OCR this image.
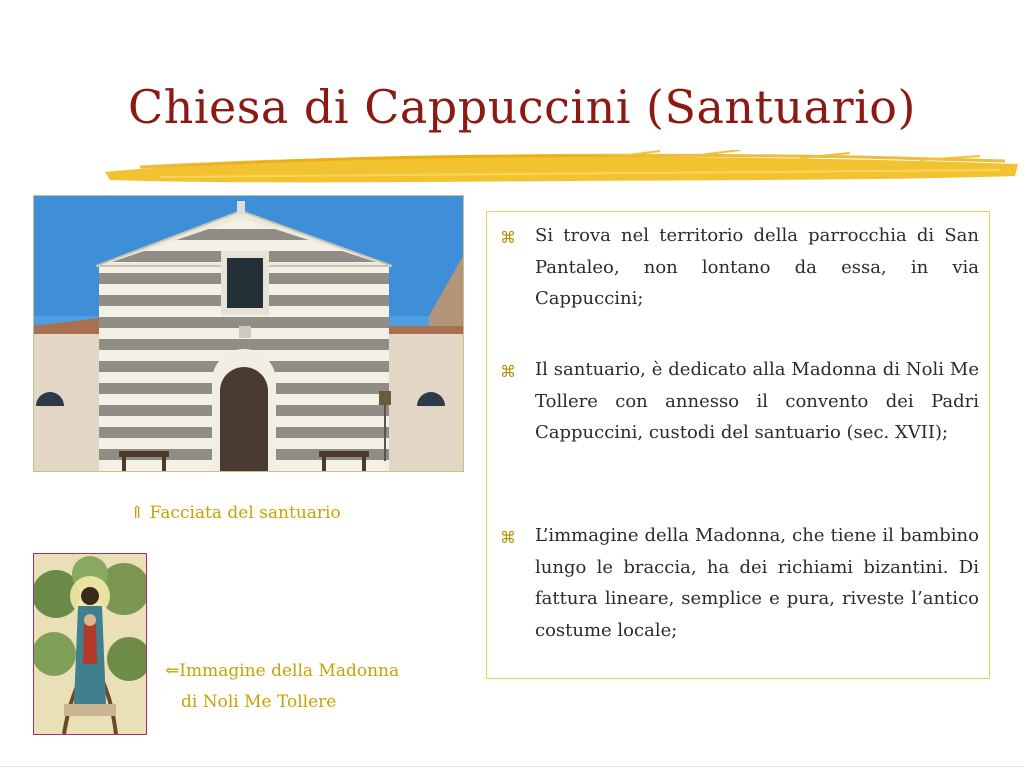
Chiesa di Cappuccini (Santuario)
⇑ Facciata del santuario
⇐Immagine della Madonna
di Noli Me Tollere
⌘ Si trova nel territorio della parrocchia di San Pantaleo, non lontano da essa, in via Cappuccini;
⌘ Il santuario, è dedicato alla Madonna di Noli Me Tollere con annesso il convento dei Padri Cappuccini, custodi del santuario (sec. XVII);
⌘ L’immagine della Madonna, che tiene il bambino lungo le braccia, ha dei richiami bizantini. Di fattura lineare, semplice e pura, riveste l’antico costume locale;
